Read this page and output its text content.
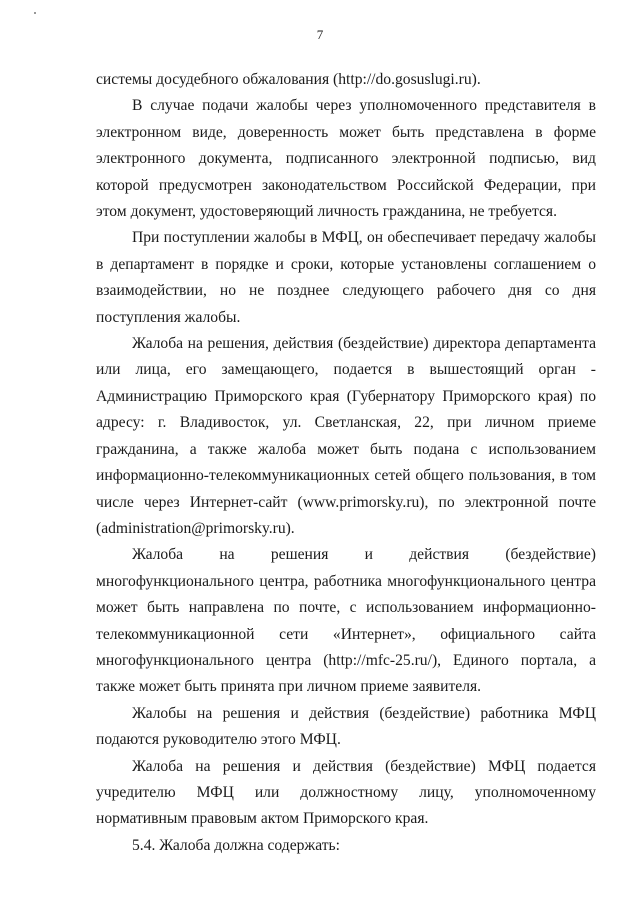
7

системы досудебного обжалования (http://do.gosuslugi.ru).

В случае подачи жалобы через уполномоченного представителя в электронном виде, доверенность может быть представлена в форме электронного документа, подписанного электронной подписью, вид которой предусмотрен законодательством Российской Федерации, при этом документ, удостоверяющий личность гражданина, не требуется.

При поступлении жалобы в МФЦ, он обеспечивает передачу жалобы в департамент в порядке и сроки, которые установлены соглашением о взаимодействии, но не позднее следующего рабочего дня со дня поступления жалобы.

Жалоба на решения, действия (бездействие) директора департамента или лица, его замещающего, подается в вышестоящий орган - Администрацию Приморского края (Губернатору Приморского края) по адресу: г. Владивосток, ул. Светланская, 22, при личном приеме гражданина, а также жалоба может быть подана с использованием информационно-телекоммуникационных сетей общего пользования, в том числе через Интернет-сайт (www.primorsky.ru), по электронной почте (administration@primorsky.ru).

Жалоба на решения и действия (бездействие) многофункционального центра, работника многофункционального центра может быть направлена по почте, с использованием информационно-телекоммуникационной сети «Интернет», официального сайта многофункционального центра (http://mfc-25.ru/), Единого портала, а также может быть принята при личном приеме заявителя.

Жалобы на решения и действия (бездействие) работника МФЦ подаются руководителю этого МФЦ.

Жалоба на решения и действия (бездействие) МФЦ подается учредителю МФЦ или должностному лицу, уполномоченному нормативным правовым актом Приморского края.

5.4. Жалоба должна содержать:
